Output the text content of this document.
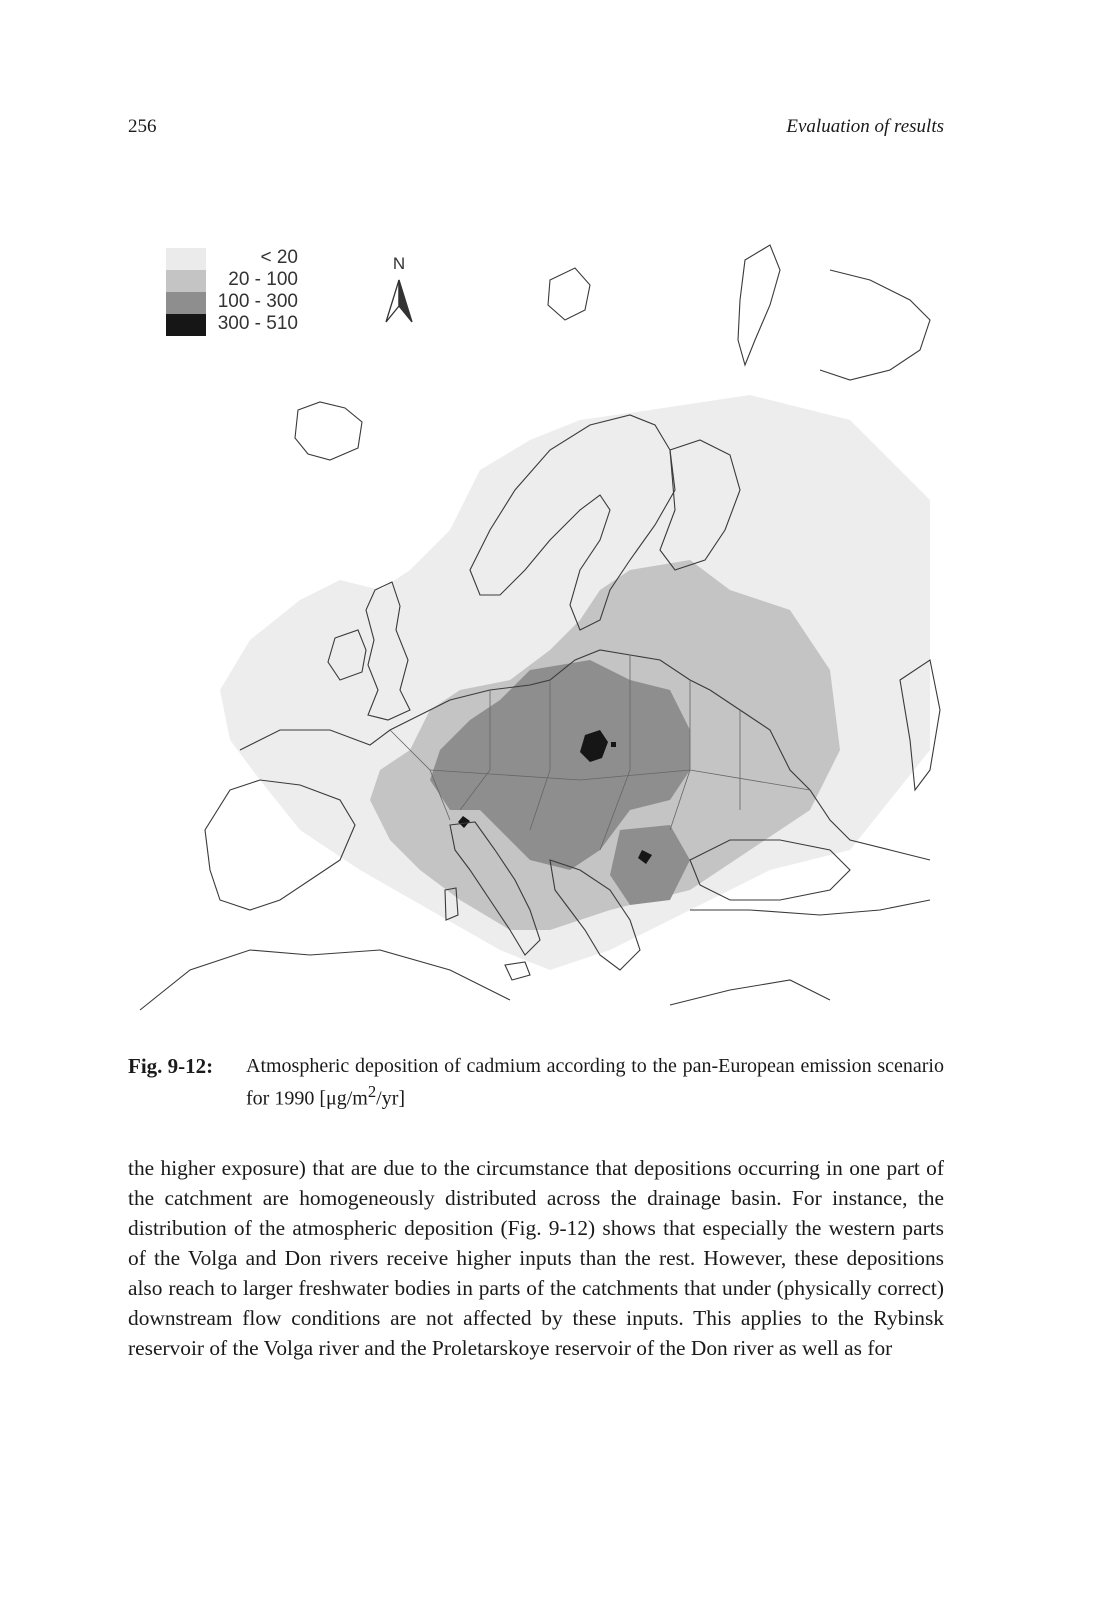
256	Evaluation of results
< 20
20 - 100
100 - 300
300 - 510
N
Fig. 9-12: Atmospheric deposition of cadmium according to the pan-European emission scenario for 1990 $[\mu g/m^2/yr]$
the higher exposure) that are due to the circumstance that depositions occurring in one part of the catchment are homogeneously distributed across the drainage basin. For instance, the distribution of the atmospheric deposition (Fig. 9-12) shows that especially the western parts of the Volga and Don rivers receive higher inputs than the rest. However, these depositions also reach to larger freshwater bodies in parts of the catchments that under (physically correct) downstream flow conditions are not affected by these inputs. This applies to the Rybinsk reservoir of the Volga river and the Proletarskoye reservoir of the Don river as well as for
